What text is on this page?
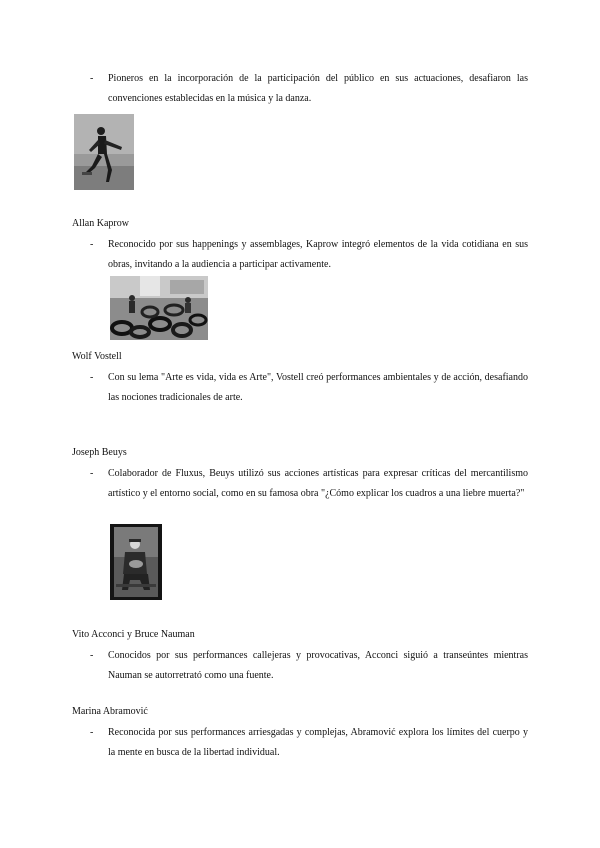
- Pioneros en la incorporación de la participación del público en sus actuaciones, desafiaron las convenciones establecidas en la música y la danza.

Allan Kaprow
- Reconocido por sus happenings y assemblages, Kaprow integró elementos de la vida cotidiana en sus obras, invitando a la audiencia a participar activamente.

Wolf Vostell
- Con su lema "Arte es vida, vida es Arte", Vostell creó performances ambientales y de acción, desafiando las nociones tradicionales de arte.

Joseph Beuys
- Colaborador de Fluxus, Beuys utilizó sus acciones artísticas para expresar críticas del mercantilismo artístico y el entorno social, como en su famosa obra "¿Cómo explicar los cuadros a una liebre muerta?"

Vito Acconci y Bruce Nauman
- Conocidos por sus performances callejeras y provocativas, Acconci siguió a transeúntes mientras Nauman se autorretrató como una fuente.

Marina Abramović
- Reconocida por sus performances arriesgadas y complejas, Abramović explora los límites del cuerpo y la mente en busca de la libertad individual.
